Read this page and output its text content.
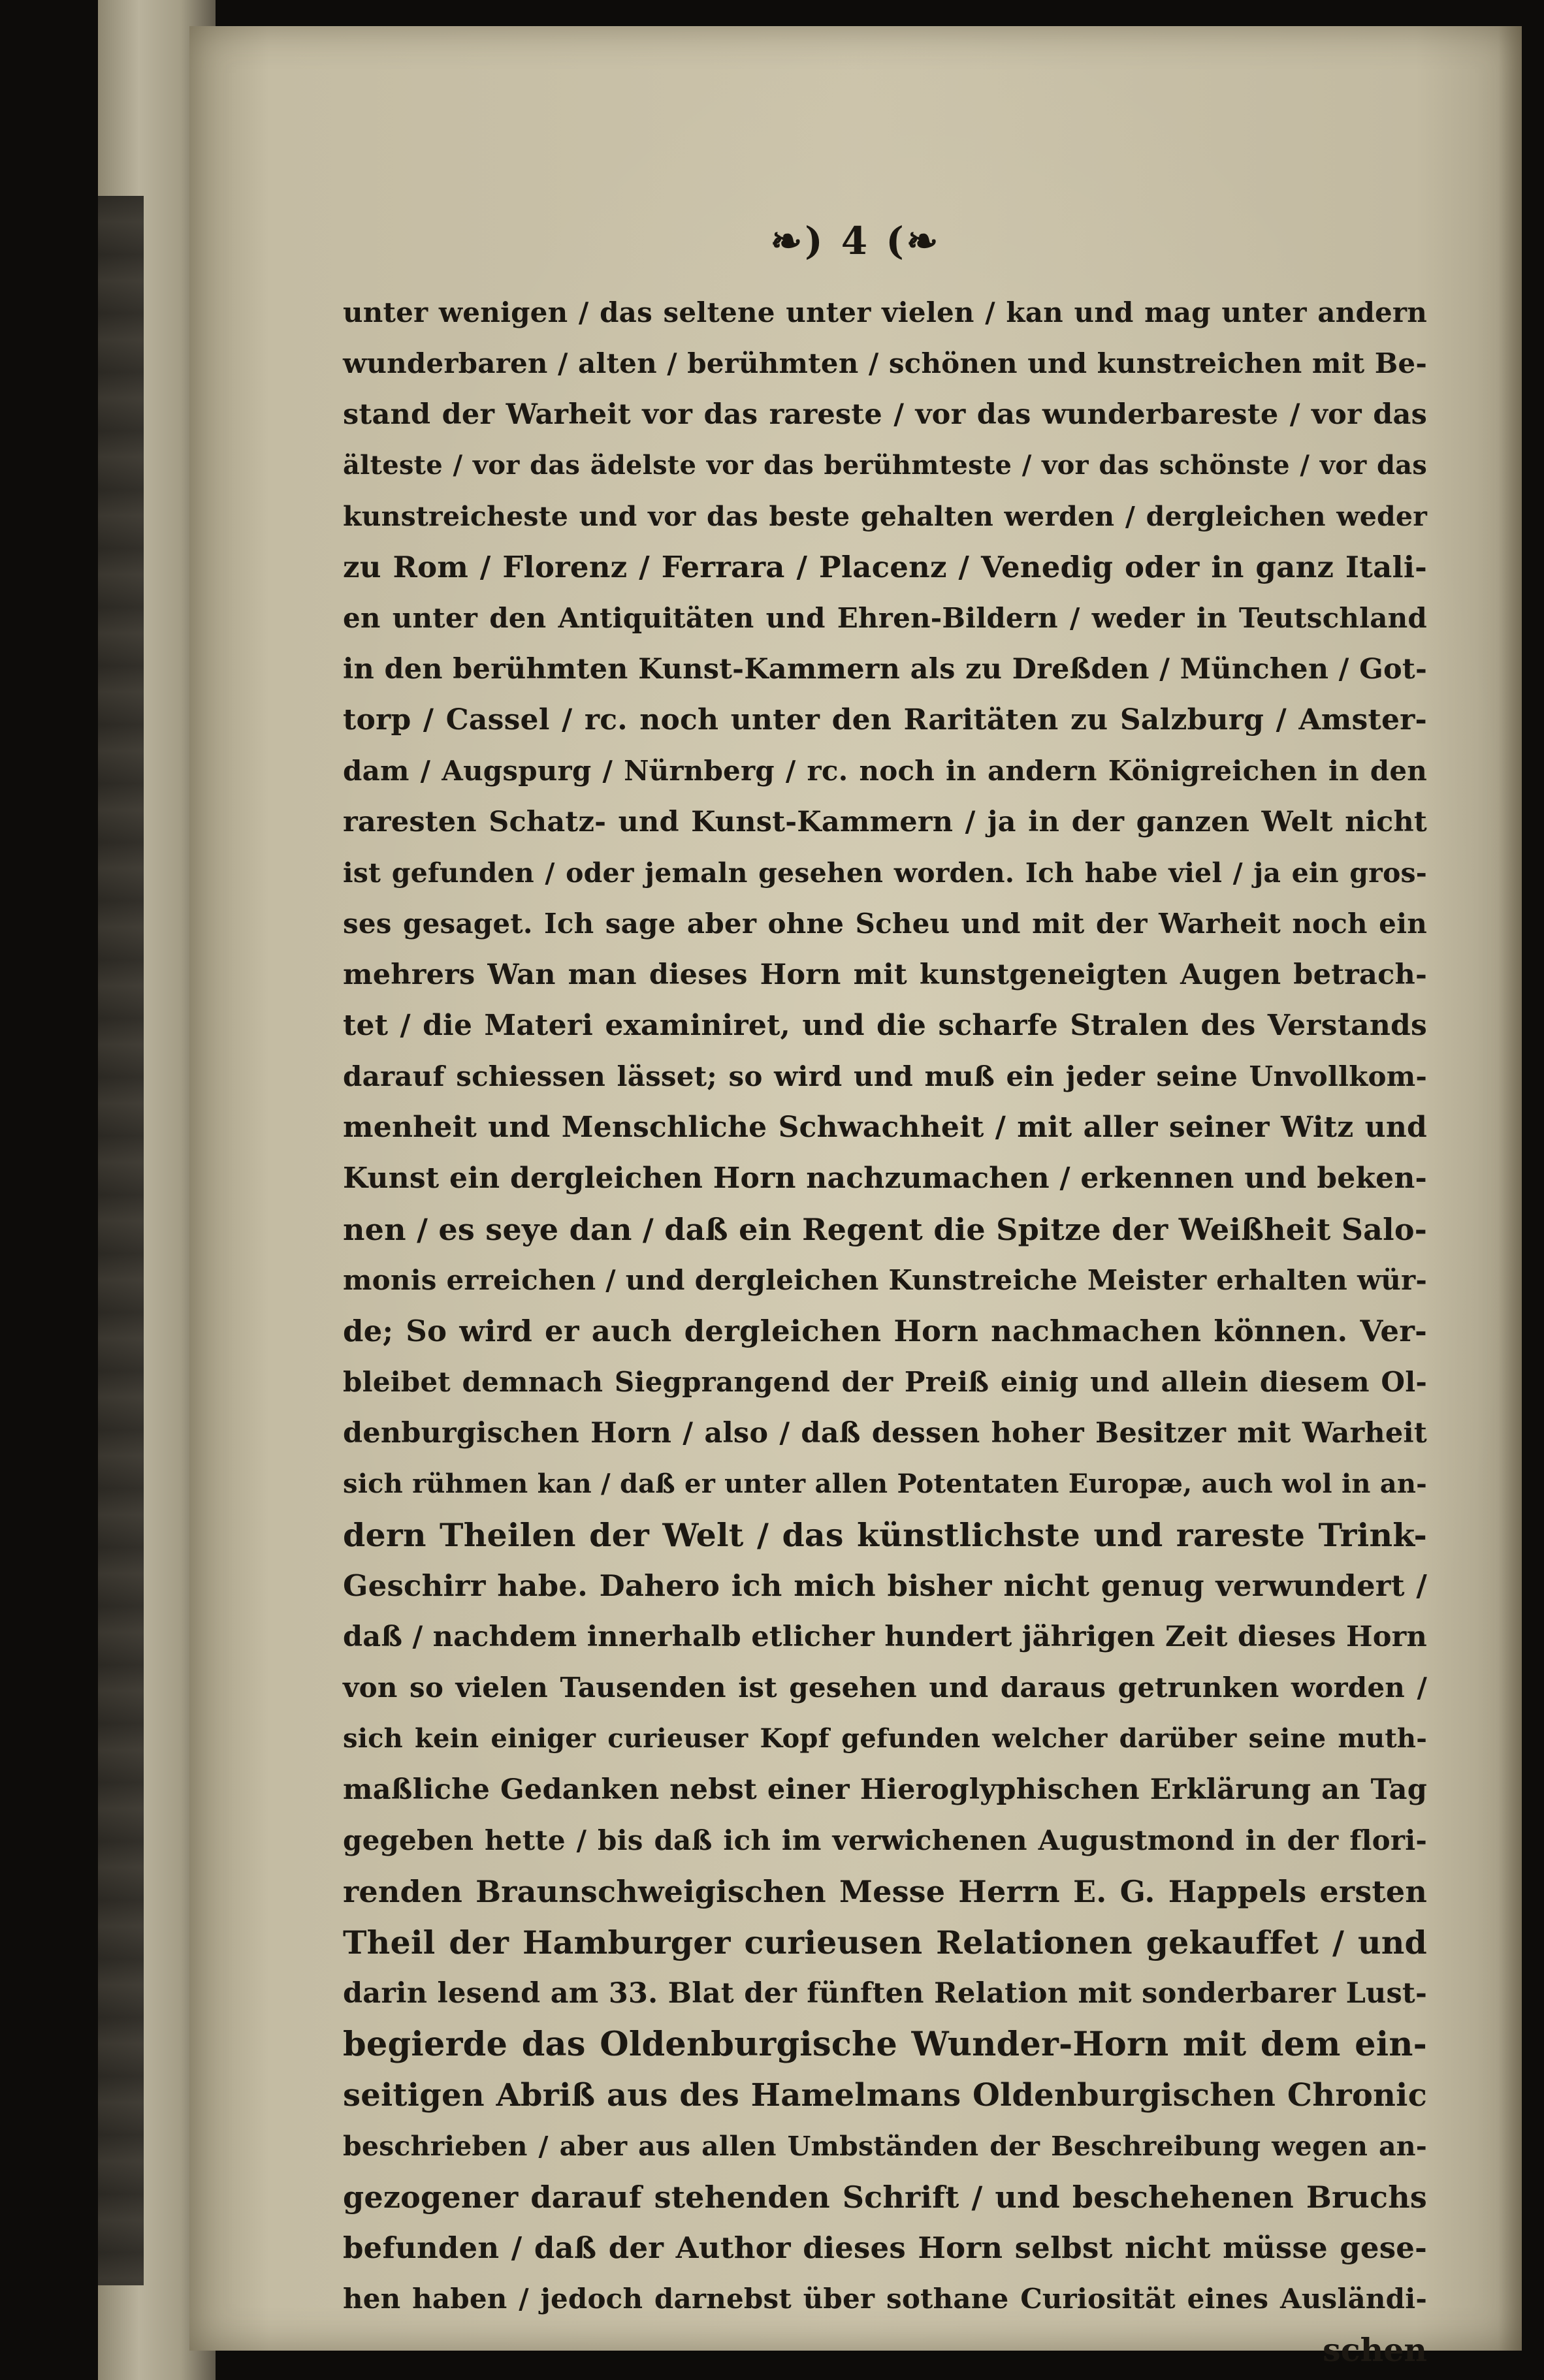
❧) 4 (❧
unter wenigen / das seltene unter vielen / kan und mag unter andern
wunderbaren / alten / berühmten / schönen und kunstreichen mit Be-
stand der Warheit vor das rareste / vor das wunderbareste / vor das
älteste / vor das ädelste vor das berühmteste / vor das schönste / vor das
kunstreicheste und vor das beste gehalten werden / dergleichen weder
zu Rom / Florenz / Ferrara / Placenz / Venedig oder in ganz Itali-
en unter den Antiquitäten und Ehren-Bildern / weder in Teutschland
in den berühmten Kunst-Kammern als zu Dreßden / München / Got-
torp / Cassel / rc. noch unter den Raritäten zu Salzburg / Amster-
dam / Augspurg / Nürnberg / rc. noch in andern Königreichen in den
raresten Schatz- und Kunst-Kammern / ja in der ganzen Welt nicht
ist gefunden / oder jemaln gesehen worden. Ich habe viel / ja ein gros-
ses gesaget. Ich sage aber ohne Scheu und mit der Warheit noch ein
mehrers Wan man dieses Horn mit kunstgeneigten Augen betrach-
tet / die Materi examiniret, und die scharfe Stralen des Verstands
darauf schiessen lässet; so wird und muß ein jeder seine Unvollkom-
menheit und Menschliche Schwachheit / mit aller seiner Witz und
Kunst ein dergleichen Horn nachzumachen / erkennen und beken-
nen / es seye dan / daß ein Regent die Spitze der Weißheit Salo-
monis erreichen / und dergleichen Kunstreiche Meister erhalten wür-
de; So wird er auch dergleichen Horn nachmachen können. Ver-
bleibet demnach Siegprangend der Preiß einig und allein diesem Ol-
denburgischen Horn / also / daß dessen hoher Besitzer mit Warheit
sich rühmen kan / daß er unter allen Potentaten Europæ, auch wol in an-
dern Theilen der Welt / das künstlichste und rareste Trink-
Geschirr habe. Dahero ich mich bisher nicht genug verwundert /
daß / nachdem innerhalb etlicher hundert jährigen Zeit dieses Horn
von so vielen Tausenden ist gesehen und daraus getrunken worden /
sich kein einiger curieuser Kopf gefunden welcher darüber seine muth-
maßliche Gedanken nebst einer Hieroglyphischen Erklärung an Tag
gegeben hette / bis daß ich im verwichenen Augustmond in der flori-
renden Braunschweigischen Messe Herrn E. G. Happels ersten
Theil der Hamburger curieusen Relationen gekauffet / und
darin lesend am 33. Blat der fünften Relation mit sonderbarer Lust-
begierde das Oldenburgische Wunder-Horn mit dem ein-
seitigen Abriß aus des Hamelmans Oldenburgischen Chronic
beschrieben / aber aus allen Umbständen der Beschreibung wegen an-
gezogener darauf stehenden Schrift / und beschehenen Bruchs
befunden / daß der Author dieses Horn selbst nicht müsse gese-
hen haben / jedoch darnebst über sothane Curiosität eines Ausländi-
schen
